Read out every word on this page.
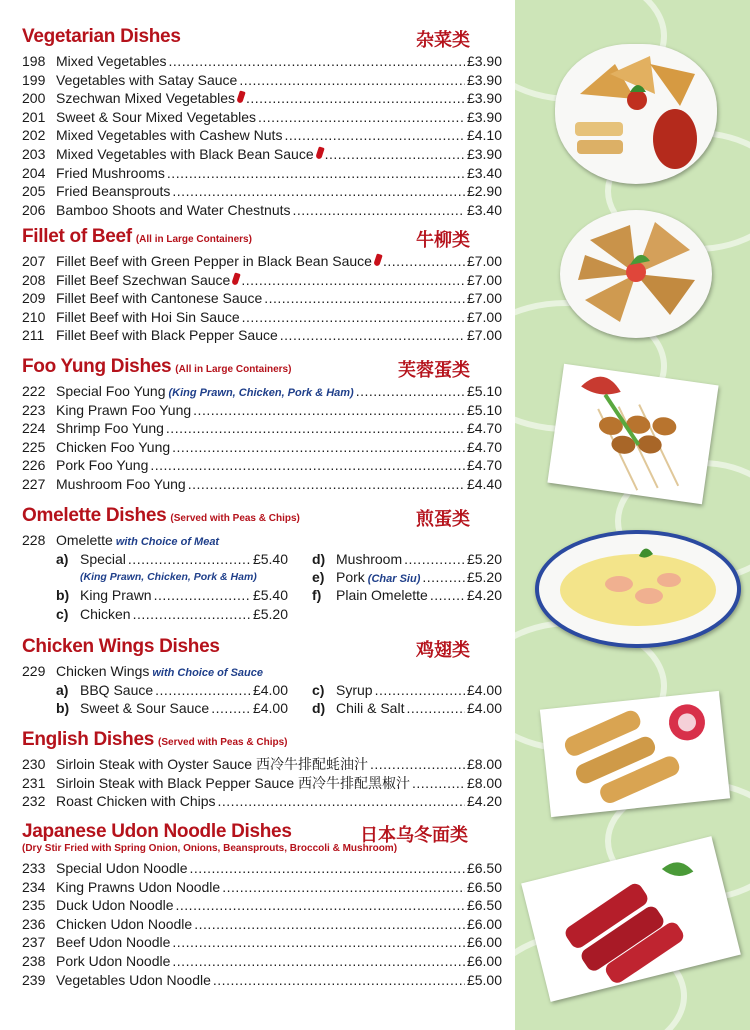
Vegetarian Dishes	杂菜类
198 Mixed Vegetables .....	£3.90
199 Vegetables with Satay Sauce .....	£3.90
200 Szechwan Mixed Vegetables .....	£3.90
201 Sweet & Sour Mixed Vegetables .....	£3.90
202 Mixed Vegetables with Cashew Nuts .....	£4.10
203 Mixed Vegetables with Black Bean Sauce .....	£3.90
204 Fried Mushrooms .....	£3.40
205 Fried Beansprouts .....	£2.90
206 Bamboo Shoots and Water Chestnuts .....	£3.40
Fillet of Beef (All in Large Containers)	牛柳类
207 Fillet Beef with Green Pepper in Black Bean Sauce .....	£7.00
208 Fillet Beef Szechwan Sauce .....	£7.00
209 Fillet Beef with Cantonese Sauce .....	£7.00
210 Fillet Beef with Hoi Sin Sauce .....	£7.00
211 Fillet Beef with Black Pepper Sauce .....	£7.00
Foo Yung Dishes (All in Large Containers)	芙蓉蛋类
222 Special Foo Yung (King Prawn, Chicken, Pork & Ham) .....	£5.10
223 King Prawn Foo Yung .....	£5.10
224 Shrimp Foo Yung .....	£4.70
225 Chicken Foo Yung .....	£4.70
226 Pork Foo Yung .....	£4.70
227 Mushroom Foo Yung .....	£4.40
Omelette Dishes (Served with Peas & Chips)	煎蛋类
228 Omelette with Choice of Meat
a) Special .....	£5.40
(King Prawn, Chicken, Pork & Ham)
b) King Prawn .....	£5.40
c) Chicken .....	£5.20
d) Mushroom .....	£5.20
e) Pork (Char Siu) .....	£5.20
f)	Plain Omelette .....	£4.20
Chicken Wings Dishes	鸡翅类
229 Chicken Wings with Choice of Sauce
a) BBQ Sauce .....	£4.00
b) Sweet & Sour Sauce .....	£4.00
c) Syrup .....	£4.00
d) Chili & Salt .....	£4.00
English Dishes (Served with Peas & Chips)
230 Sirloin Steak with Oyster Sauce 西冷牛排配蚝油汁 .....	£8.00
231 Sirloin Steak with Black Pepper Sauce 西冷牛排配黑椒汁 .....	£8.00
232 Roast Chicken with Chips .....	£4.20
Japanese Udon Noodle Dishes	日本乌冬面类
(Dry Stir Fried with Spring Onion, Onions, Beansprouts, Broccoli & Mushroom)
233 Special Udon Noodle .....	£6.50
234 King Prawns Udon Noodle .....	£6.50
235 Duck Udon Noodle .....	£6.50
236 Chicken Udon Noodle .....	£6.00
237 Beef Udon Noodle .....	£6.00
238 Pork Udon Noodle .....	£6.00
239 Vegetables Udon Noodle .....	£5.00
